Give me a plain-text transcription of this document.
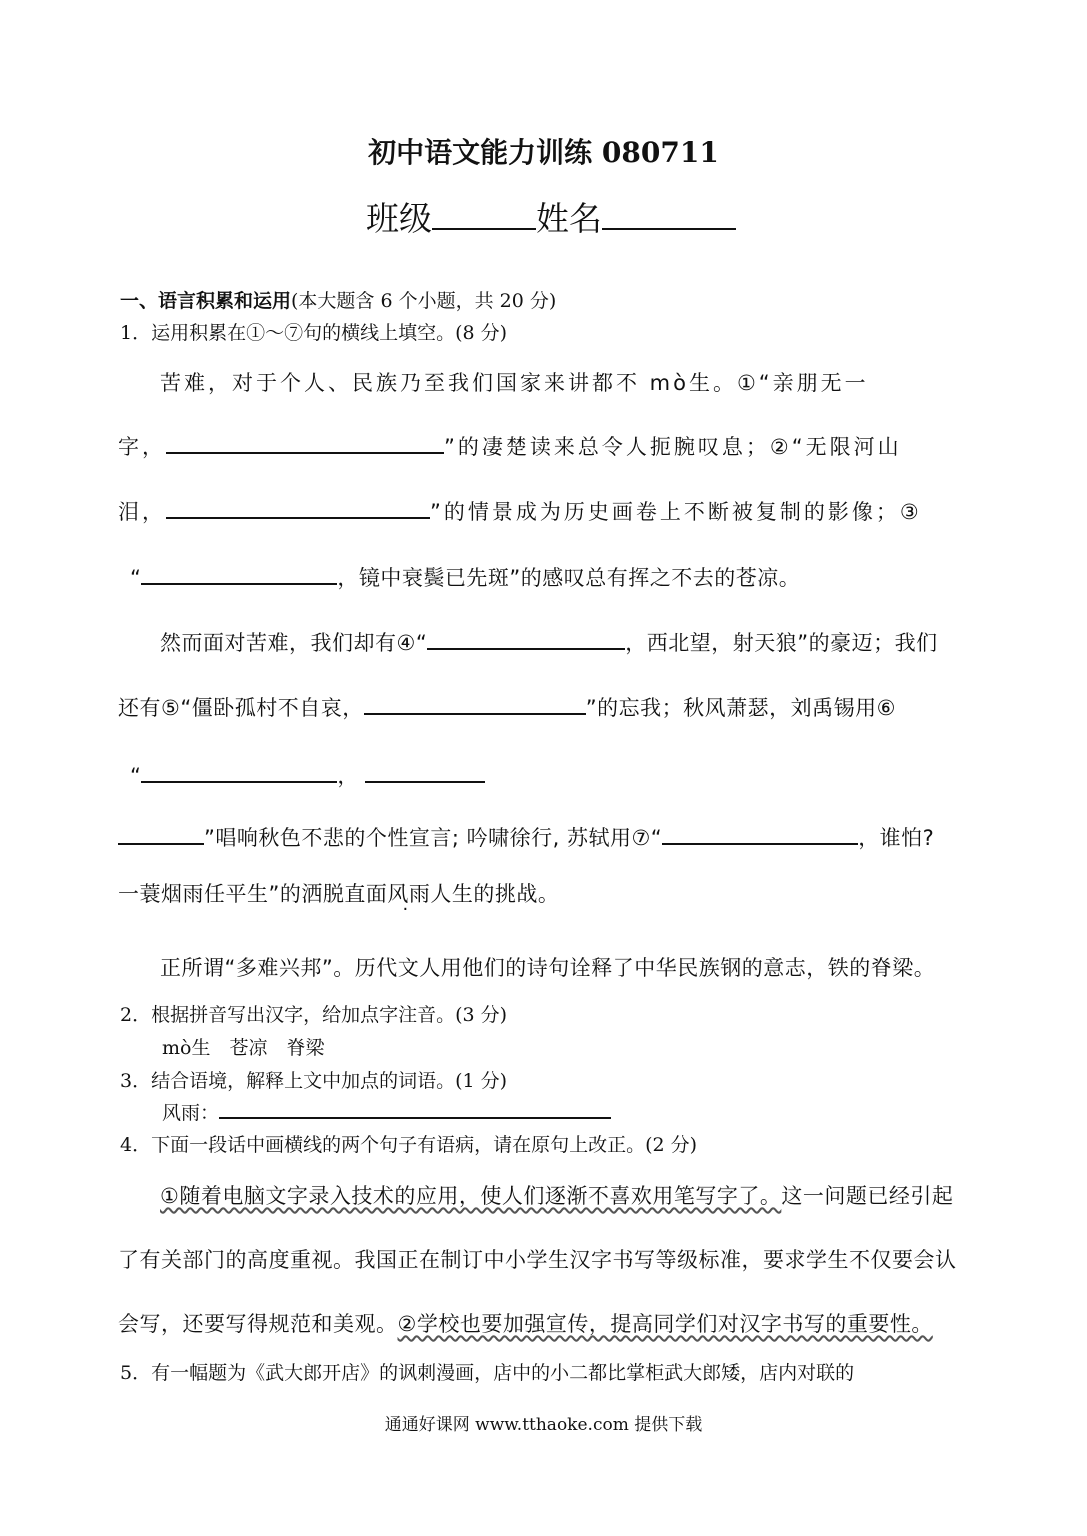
初中语文能力训练 080711
班级	姓名
一、语言积累和运用(本大题含 6 个小题，共 20 分)
1．运用积累在①～⑦句的横线上填空。(8 分)
苦难，对于个人、民族乃至我们国家来讲都不 mò生。①“亲朋无一
字，	”的凄楚读来总令人扼腕叹息；②“无限河山
泪，	”的情景成为历史画卷上不断被复制的影像；③
“	，镜中衰鬓已先斑”的感叹总有挥之不去的苍凉。
然而面对苦难，我们却有④“	，西北望，射天狼”的豪迈；我们
还有⑤“僵卧孤村不自哀，	”的忘我；秋风萧瑟，刘禹锡用⑥
“	，
”唱响秋色不悲的个性宣言; 吟啸徐行, 苏轼用⑦“	，谁怕?
一蓑烟雨任平生”的洒脱直面风雨人生的挑战。
正所谓“多难兴邦”。历代文人用他们的诗句诠释了中华民族钢的意志，铁的脊梁。
2．根据拼音写出汉字，给加点字注音。(3 分)
mò生　苍凉　脊梁
3．结合语境，解释上文中加点的词语。(1 分)
风雨：
4．下面一段话中画横线的两个句子有语病，请在原句上改正。(2 分)
①随着电脑文字录入技术的应用，使人们逐渐不喜欢用笔写字了。这一问题已经引起
了有关部门的高度重视。我国正在制订中小学生汉字书写等级标准，要求学生不仅要会认
会写，还要写得规范和美观。②学校也要加强宣传，提高同学们对汉字书写的重要性。
5．有一幅题为《武大郎开店》的讽刺漫画，店中的小二都比掌柜武大郎矮，店内对联的
通通好课网 www.tthaoke.com 提供下载
